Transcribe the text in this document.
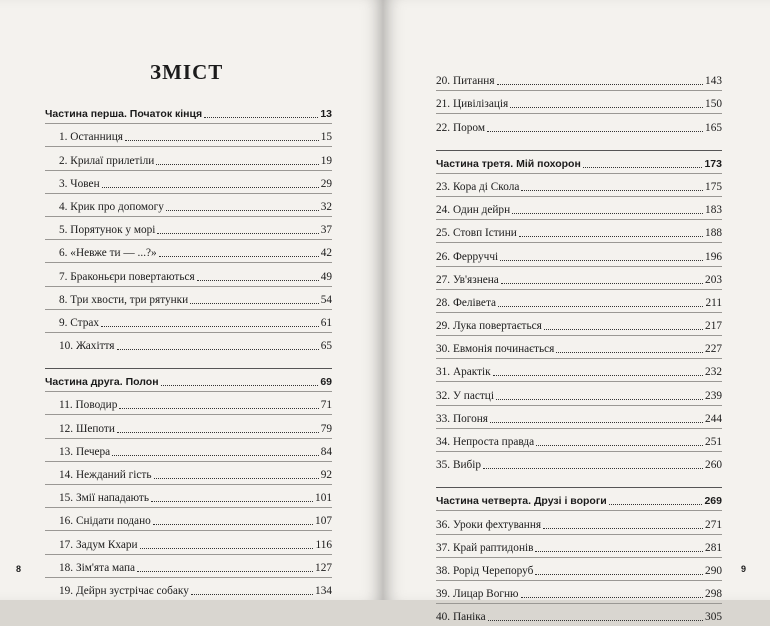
ЗМІСТ
Частина перша. Початок кінця	13
1. Останниця	15
2. Крилаї прилетіли	19
3. Човен	29
4. Крик про допомогу	32
5. Порятунок у морі	37
6. «Невже ти — ...?»	42
7. Браконьєри повертаються	49
8. Три хвости, три рятунки	54
9. Страх	61
10. Жахіття	65
Частина друга. Полон	69
11. Поводир	71
12. Шепоти	79
13. Печера	84
14. Нежданий гість	92
15. Змії нападають	101
16. Снідати подано	107
17. Задум Кхари	116
18. Зім'ята мапа	127
19. Дейрн зустрічає собаку	134
8
20. Питання	143
21. Цивілізація	150
22. Пором	165
Частина третя. Мій похорон	173
23. Кора ді Скола	175
24. Один дейрн	183
25. Стовп Істини	188
26. Ферруччі	196
27. Ув'язнена	203
28. Фелівета	211
29. Лука повертається	217
30. Евмонія починається	227
31. Арактік	232
32. У пастці	239
33. Погоня	244
34. Непроста правда	251
35. Вибір	260
Частина четверта. Друзі і вороги	269
36. Уроки фехтування	271
37. Край раптидонів	281
38. Рорід Черепоруб	290
39. Лицар Вогню	298
40. Паніка	305
9
